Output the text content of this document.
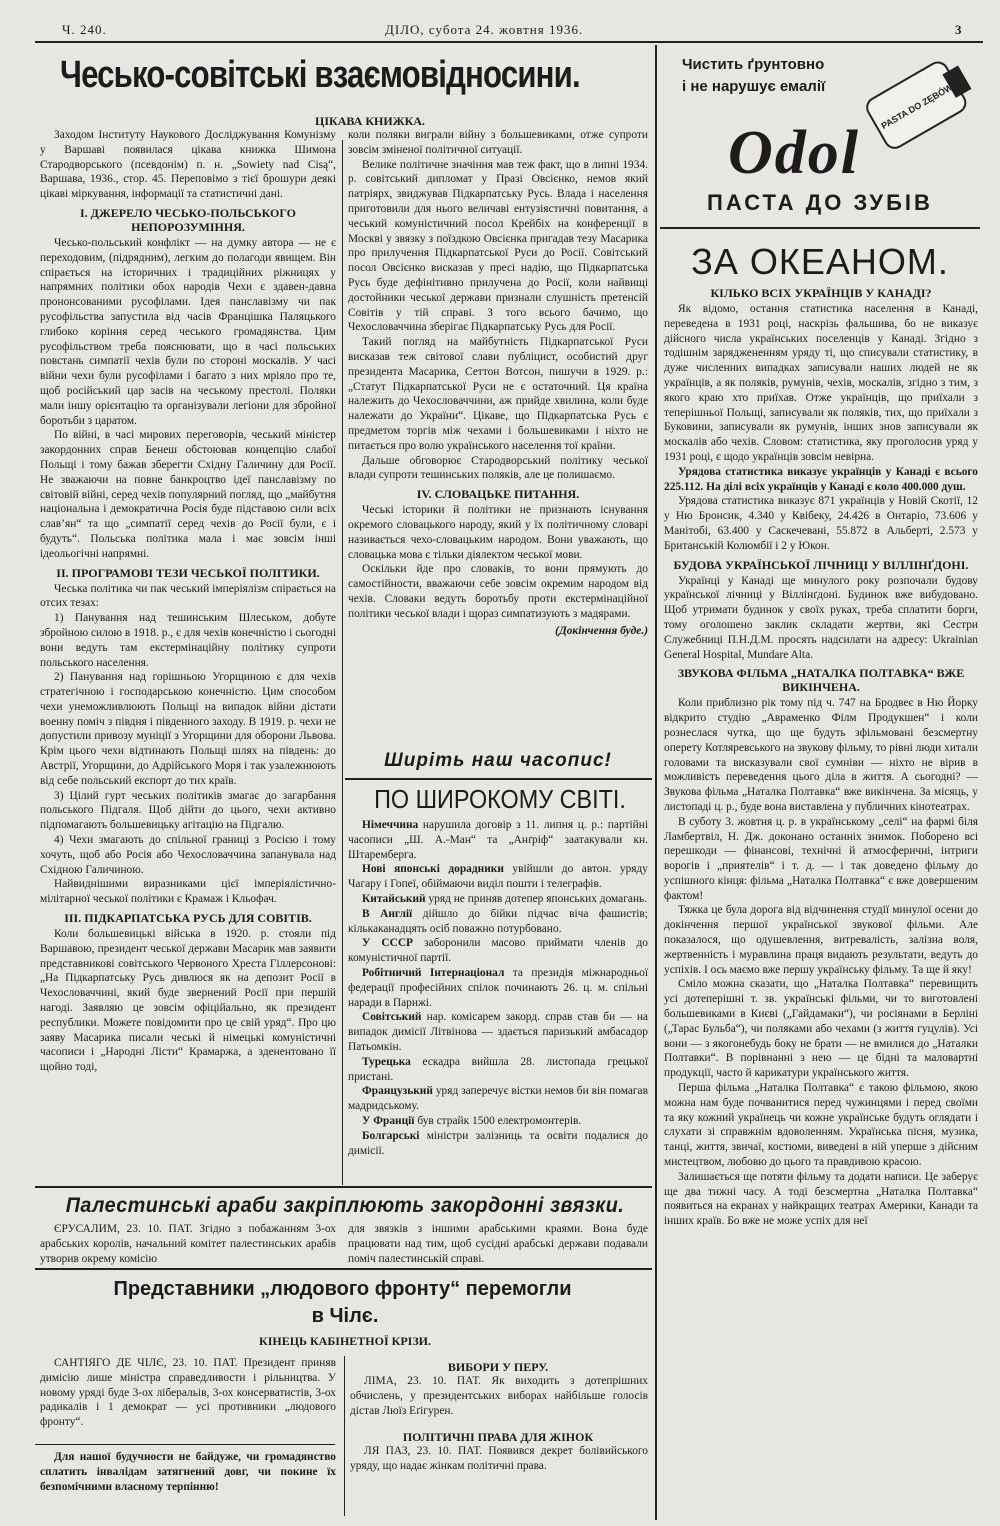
Ч. 240.	ДІЛО, субота 24. жовтня 1936.	3
Чесько-совітські взаємовідносини.
ЦІКАВА КНИЖКА.

Заходом Інституту Наукового Досліджування Комунізму у Варшаві появилася цікава книжка Шимона Стародворського (псевдонім) п. н. „Sowiety nad Cisą“, Варшава, 1936., стор. 45. Переповімо з тієї брошури деякі цікаві міркування, інформації та статистичні дані.

І. ДЖЕРЕЛО ЧЕСЬКО-ПОЛЬСЬКОГО НЕПОРОЗУМІННЯ.

Чесько-польський конфлікт — на думку автора — не є переходовим, (підрядним), легким до полагоди явищем. Він спірається на історичних і традиційних ріжницях у напрямних політики обох народів Чехи є здавен-давна прононсованими русофілами. Ідея панславізму чи пак русофільства запустила від часів Францішка Паляцького глибоко коріння серед чеського громадянства. Цим русофільством треба пояснювати, що в часі польських повстань симпатії чехів були по стороні москалів. У часі війни чехи були русофілами і багато з них мріяло про те, щоб російський цар засів на чеському престолі. Поляки мали іншу орієнтацію та організували легіони для збройної боротьби з царатом.

По війні, в часі мирових переговорів, чеський міністер закордонних справ Бенеш обстоював концепцію слабої Польщі і тому бажав зберегти Східну Галичину для Росії. Не зважаючи на повне банкроцтво ідеї панславізму по світовій війні, серед чехів популярний погляд, що „майбутня національна і демократична Росія буде підставою сили всіх слав’ян“ та що „симпатії серед чехів до Росії були, є і будуть“. Польська політика мала і має зовсім інші ідеольогічні напрямні.

ІІ. ПРОГРАМОВІ ТЕЗИ ЧЕСЬКОЇ ПОЛІТИКИ.

Чеська політика чи пак чеський імперіялізм спірається на отсих тезах:

1) Панування над тешинським Шлеськом, добуте збройною силою в 1918. р., є для чехів конечністю і сьогодні вони ведуть там екстермінаційну політику супроти польського населення.

2) Панування над горішньою Угорщиною є для чехів стратегічною і господарською конечністю. Цим способом чехи унеможливлюють Польщі на випадок війни дістати военну поміч з півдня і південного заходу. В 1919. р. чехи не допустили привозу муніції з Угорщини для оборони Львова. Крім цього чехи відтинають Польщі шлях на південь: до Австрії, Угорщини, до Адрійського Моря і так узалежнюють від себе польський експорт до тих країв.

3) Цілий гурт чеських політиків змагає до загарбання польського Підгаля. Щоб дійти до цього, чехи активно підпомагають большевицьку агітацію на Підгалю.

4) Чехи змагають до спільної границі з Росією і тому хочуть, щоб або Росія або Чехословаччина запанувала над Східною Галичиною.

Найвиднішими виразниками цієї імперіялістично-мілітарної чеської політики є Крамаж і Кльофач.

ІІІ. ПІДКАРПАТСЬКА РУСЬ ДЛЯ СОВІТІВ.

Коли большевицькі війська в 1920. р. стояли під Варшавою, президент чеської держави Масарик мав заявити представникові совітського Червоного Хреста Гіллерсонові: „На Підкарпатську Русь дивлюся як на депозит Росії в Чехословаччині, який буде звернений Росії при першій нагоді. Заявляю це зовсім офіційально, як президент республики. Можете повідомити про це свій уряд“. Про цю заяву Масарика писали чеські й німецькі комуністичні часописи і „Народні Лісти“ Крамаржа, а зденентовано її щойно тоді,

коли поляки виграли війну з большевиками, отже супроти зовсім зміненої політичної ситуації.

Велике політичне значіння мав теж факт, що в липні 1934. р. совітський дипломат у Празі Овсієнко, немов який патріярх, звиджував Підкарпатську Русь. Влада і населення приготовили для нього величаві ентузіястичні повитання, а чеський комуністичний посол Крейбіх на конференції в Москві у звязку з поїздкою Овсієнка пригадав тезу Масарика про прилучення Підкарпатської Руси до Росії. Совітський посол Овсієнко висказав у пресі надію, що Підкарпатська Русь буде дефінітивно прилучена до Росії, коли найвищі достойники чеської держави признали слушність претенсій Совітів у тій справі. З того всього бачимо, що Чехословаччина зберігає Підкарпатську Русь для Росії.

Такий погляд на майбутність Підкарпатської Руси висказав теж світової слави публіцист, особистий друг президента Масарика, Сеттон Вотсон, пишучи в 1929. р.: „Статут Підкарпатської Руси не є остаточний. Ця країна належить до Чехословаччини, аж прийде хвилина, коли буде належати до України“. Цікаве, що Підкарпатська Русь є предметом торгів між чехами і большевиками і ніхто не питається про волю українського населення тої країни.

Дальше обговорює Стародворський політику чеської влади супроти тешинських поляків, але це полишаємо.

IV. СЛОВАЦЬКЕ ПИТАННЯ.

Чеські історики й політики не признають існування окремого словацького народу, який у їх політичному словарі називається чехо-словацьким народом. Вони уважають, що словацька мова є тільки діялектом чеської мови.

Оскільки йде про словаків, то вони прямують до самостійности, вважаючи себе зовсім окремим народом від чехів. Словаки ведуть боротьбу проти екстермінаційної політики чеської влади і щораз симпатизують з мадярами.

(Докінчення буде.)
Ширіть наш часопис!
ПО ШИРОКОМУ СВІТІ.

Німеччина нарушила договір з 11. липня ц. р.: партійні часописи „Ш. А.-Ман“ та „Анґріф“ заатакували кн. Штаремберга.

Нові японські дорадники увійшли до автон. уряду Чагару і Гопеї, обіймаючи виділ пошти і телеграфів.

Китайський уряд не приняв дотепер японських домагань.

В Англії дійшло до бійки підчас віча фашистів; кількаканадцять осіб поважно потурбовано.

У СССР заборонили масово приймати членів до комуністичної партії.

Робітничий Інтернаціонал та президія міжнародньої федерації професійних спілок починають 26. ц. м. спільні наради в Парижі.

Совітський нар. комісарем закорд. справ став би — на випадок димісії Літвінова — здається паризький амбасадор Патьомкін.

Турецька ескадра вийшла 28. листопада грецької пристані.

Французький уряд заперечує вістки немов би він помагав мадридському.

У Франції був страйк 1500 електромонтерів.

Болгарські міністри залізниць та освіти подалися до димісії.

Палестинські араби закріплюють закордонні звязки.

ЄРУСАЛИМ, 23. 10. ПАТ. Згідно з побажанням 3-ох арабських королів, начальний комітет палестинських арабів утворив окрему комісію

для звязків з іншими арабськими краями. Вона буде працювати над тим, щоб сусідні арабські держави подавали поміч палестинській справі.

Представники „людового фронту“ перемогли
в Чілє.
КІНЕЦЬ КАБІНЕТНОЇ КРІЗИ.

САНТІЯГО ДЕ ЧІЛЄ, 23. 10. ПАТ. Президент приняв димісію лише міністра справедливости і рільництва. У новому уряді буде 3-ох ліберальів, 3-ох консерватистів, 3-ох радикалів і 1 демократ — усі противники „людового фронту“.

Для нашої будучности не байдуже, чи громадянство сплатить інвалідам затягнений довг, чи покине їх безпомічними власному терпінню!

ВИБОРИ У ПЕРУ.

ЛІМА, 23. 10. ПАТ. Як виходить з дотепрішних обчислень, у президентських виборах найбільше голосів дістав Люїз Еґігурен.

ПОЛІТИЧНІ ПРАВА ДЛЯ ЖІНОК

ЛЯ ПАЗ, 23. 10. ПАТ. Появився декрет болівийського уряду, що надає жінкам політичні права.

Чистить ґрунтовно
і не нарушує емалії	PASTA DO ZĘBÓW
Odol
ПАСТА ДО ЗУБІВ
ЗА ОКЕАНОМ.
КІЛЬКО ВСІХ УКРАЇНЦІВ У КАНАДІ?

Як відомо, остання статистика населення в Канаді, переведена в 1931 році, наскрізь фальшива, бо не виказує дійсного числа українських поселенців у Канаді. Згідно з тодішнім заряджененням уряду ті, що списували статистику, в дуже численних випадках записували наших людей не як українців, а як поляків, румунів, чехів, москалів, згідно з тим, з якого краю хто приїхав. Отже українців, що приїхали з теперішньої Польщі, записували як поляків, тих, що приїхали з Буковини, записували як румунів, інших знов записували як москалів або чехів. Словом: статистика, яку проголосив уряд у 1931 році, є щодо українців зовсім невірна.

Урядова статистика виказує українців у Канаді є всього 225.112. На ділі всіх українців у Канаді є коло 400.000 душ.

Урядова статистика виказує 871 українців у Новій Скотії, 12 у Ню Бронсик, 4.340 у Квібеку, 24.426 в Онтаріо, 73.606 у Манітобі, 63.400 у Саскечевані, 55.872 в Альберті, 2.573 у Британській Колюмбії і 2 у Юкон.

БУДОВА УКРАЇНСЬКОЇ ЛІЧНИЦІ У ВІЛЛІНҐДОНІ.

Українці у Канаді ще минулого року розпочали будову української лічниці у Віллінґдоні. Будинок вже вибудовано. Щоб утримати будинок у своїх руках, треба сплатити борги, тому оголошено заклик складати жертви, які Сестри Служебниці П.Н.Д.М. просять надсилати на адресу: Ukrainian General Hospital, Mundare Alta.

ЗВУКОВА ФІЛЬМА „НАТАЛКА ПОЛТАВКА“ ВЖЕ ВИКІНЧЕНА.

Коли приблизно рік тому під ч. 747 на Бродвеє в Ню Йорку відкрито студію „Авраменко Філм Продукшен“ і коли рознеслася чутка, що ще будуть зфільмовані безсмертну оперету Котляревського на звукову фільму, то рівні люди хитали головами та висказували свої сумніви — ніхто не вірив в можливість переведення цього діла в життя. А сьогодні? — Звукова фільма „Наталка Полтавка“ вже викінчена. За місяць, у листопаді ц. р., буде вона виставлена у публичних кінотеатрах.

В суботу 3. жовтня ц. р. в українському „селі“ на фармі біля Ламбертвіл, Н. Дж. доконано останніх знимок. Поборено всі перешкоди — фінансові, технічні й атмосферичні, інтриги ворогів і „приятелів“ і т. д. — і так доведено фільму до успішного кінця: фільма „Наталка Полтавка“ є вже довершеним фактом!

Тяжка це була дорога від відчинення студії минулої осени до докінчення першої української звукової фільми. Але показалося, що одушевлення, витревалість, залізна воля, жертвенність і муравлина праця видають результати, ведуть до успіхів. І ось маємо вже першу українську фільму. Та ще й яку!

Сміло можна сказати, що „Наталка Полтавка“ перевищить усі дотеперішні т. зв. українські фільми, чи то виготовлені большевиками в Києві („Гайдамаки“), чи росіянами в Берліні („Тарас Бульба“), чи поляками або чехами (з життя гуцулів). Усі вони — з якогонебудь боку не брати — не вмилися до „Наталки Полтавки“. В порівнанні з нею — це бідні та маловартні продукції, часто й карикатури українського життя.

Перша фільма „Наталка Полтавка“ є такою фільмою, якою можна нам буде почванитися перед чужинцями і перед своїми та яку кожний українець чи кожне українське будуть оглядати і слухати зі справжнім вдоволенням. Українська пісня, музика, танці, життя, звичаї, костюми, виведені в ній уперше з дійсним мистецтвом, любовю до цього та правдивою красою.

Залишається ще потяти фільму та додати написи. Це заберує ще два тижні часу. А тоді безсмертна „Наталка Полтавка“ появиться на екранах у найкращих театрах Америки, Канади та інших країв. Бо вже не може успіх для неї
